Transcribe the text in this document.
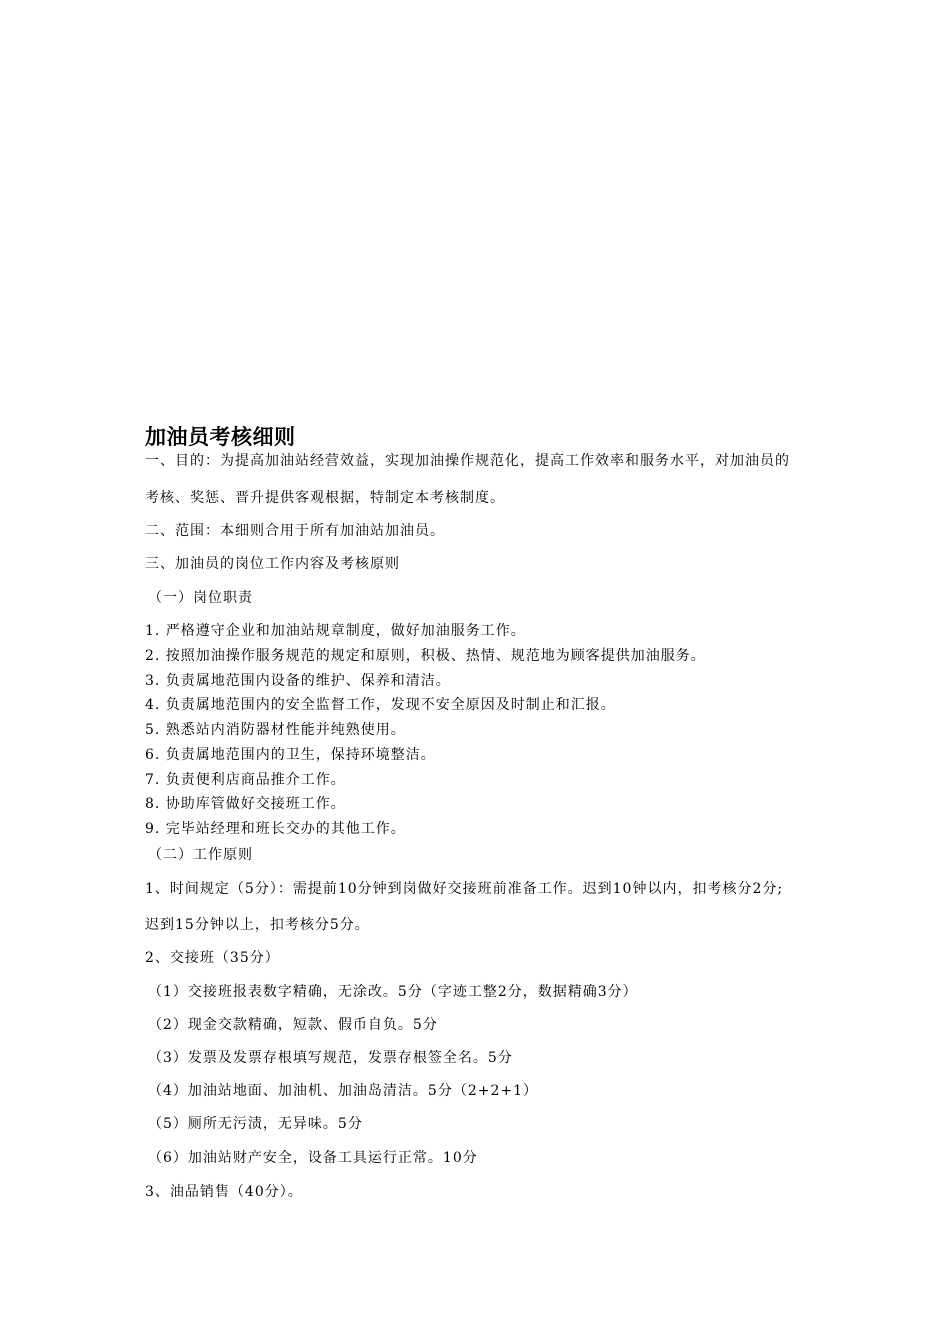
加油员考核细则
一、目的：为提高加油站经营效益，实现加油操作规范化，提高工作效率和服务水平，对加油员的
考核、奖惩、晋升提供客观根据，特制定本考核制度。
二、范围：本细则合用于所有加油站加油员。
三、加油员的岗位工作内容及考核原则
（一）岗位职责
1. 严格遵守企业和加油站规章制度，做好加油服务工作。
2. 按照加油操作服务规范的规定和原则，积极、热情、规范地为顾客提供加油服务。
3. 负责属地范围内设备的维护、保养和清洁。
4. 负责属地范围内的安全监督工作，发现不安全原因及时制止和汇报。
5. 熟悉站内消防器材性能并纯熟使用。
6. 负责属地范围内的卫生，保持环境整洁。
7. 负责便利店商品推介工作。
8. 协助库管做好交接班工作。
9. 完毕站经理和班长交办的其他工作。
（二）工作原则
1、时间规定（5分）：需提前10分钟到岗做好交接班前准备工作。迟到10钟以内，扣考核分2分;
迟到15分钟以上，扣考核分5分。
2、交接班（35分）
（1）交接班报表数字精确，无涂改。5分（字迹工整2分，数据精确3分）
（2）现金交款精确，短款、假币自负。5分
（3）发票及发票存根填写规范，发票存根签全名。5分
（4）加油站地面、加油机、加油岛清洁。5分（2+2+1）
（5）厕所无污渍，无异味。5分
（6）加油站财产安全，设备工具运行正常。10分
3、油品销售（40分）。
